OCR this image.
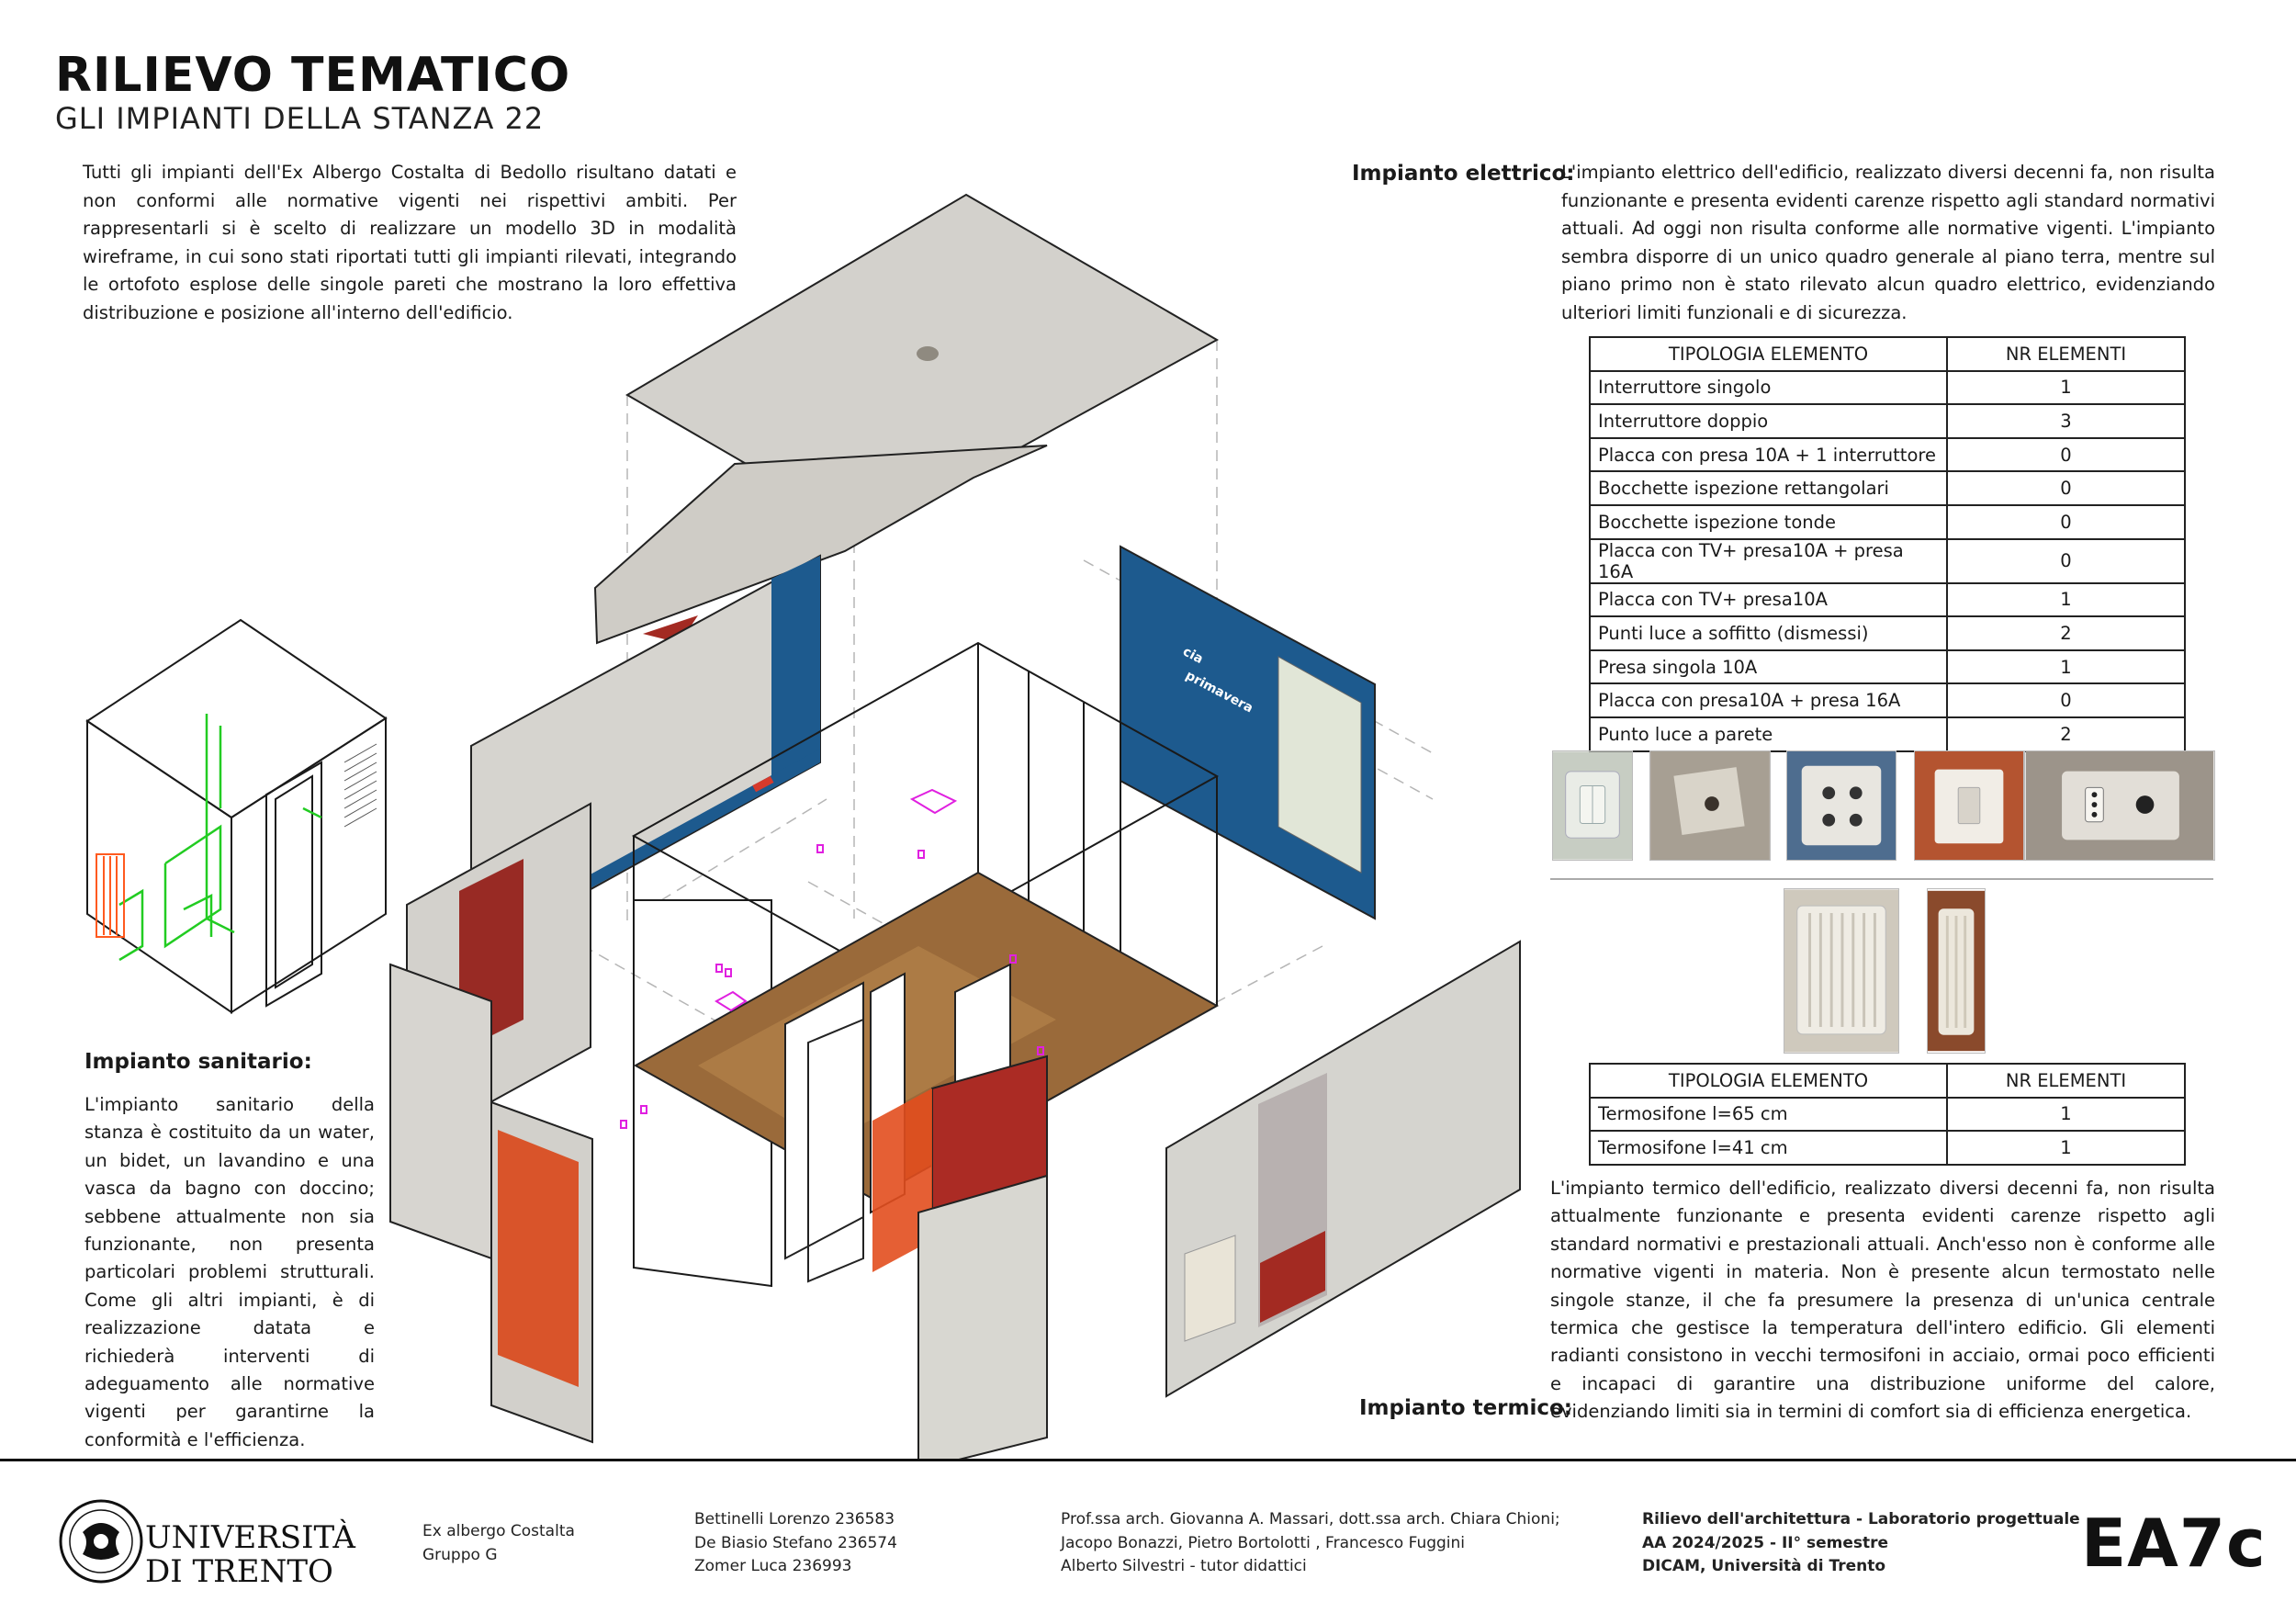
RILIEVO TEMATICO
GLI IMPIANTI DELLA STANZA 22

Tutti gli impianti dell'Ex Albergo Costalta di Bedollo risultano datati e non conformi alle normative vigenti nei rispettivi ambiti. Per rappresentarli si è scelto di realizzare un modello 3D in modalità wireframe, in cui sono stati riportati tutti gli impianti rilevati, integrando le ortofoto esplose delle singole pareti che mostrano la loro effettiva distribuzione e posizione all'interno dell'edificio.

Impianto elettrico:

L'impianto elettrico dell'edificio, realizzato diversi decenni fa, non risulta funzionante e presenta evidenti carenze rispetto agli standard normativi attuali. Ad oggi non risulta conforme alle normative vigenti. L'impianto sembra disporre di un unico quadro generale al piano terra, mentre sul piano primo non è stato rilevato alcun quadro elettrico, evidenziando ulteriori limiti funzionali e di sicurezza.

TIPOLOGIA ELEMENTO	NR ELEMENTI
Interruttore singolo	1
Interruttore doppio	3
Placca con presa 10A + 1 interruttore	0
Bocchette ispezione rettangolari	0
Bocchette ispezione tonde	0
Placca con TV+ presa10A + presa 16A	0
Placca con TV+ presa10A	1
Punti luce a soffitto (dismessi)	2
Presa singola 10A	1
Placca con presa10A + presa 16A	0
Punto luce a parete	2
TIPOLOGIA ELEMENTO	NR ELEMENTI
Termosifone l=65 cm	1
Termosifone l=41 cm	1

L'impianto termico dell'edificio, realizzato diversi decenni fa, non risulta attualmente funzionante e presenta evidenti carenze rispetto agli standard normativi e prestazionali attuali. Anch'esso non è conforme alle normative vigenti in materia. Non è presente alcun termostato nelle singole stanze, il che fa presumere la presenza di un'unica centrale termica che gestisce la temperatura dell'intero edificio. Gli elementi radianti consistono in vecchi termosifoni in acciaio, ormai poco efficienti e incapaci di garantire una distribuzione uniforme del calore, evidenziando limiti sia in termini di comfort sia di efficienza energetica.

Impianto termico:
Impianto sanitario:

L'impianto sanitario della stanza è costituito da un water, un bidet, un lavandino e una vasca da bagno con doccino; sebbene attualmente non sia funzionante, non presenta particolari problemi strutturali. Come gli altri impianti, è di realizzazione datata e richiederà interventi di adeguamento alle normative vigenti per garantirne la conformità e l'efficienza.

cia
primavera
UNIVERSITÀ
DI TRENTO
Ex albergo Costalta
Gruppo G
Bettinelli Lorenzo 236583
De Biasio Stefano 236574
Zomer Luca 236993
Prof.ssa arch. Giovanna A. Massari, dott.ssa arch. Chiara Chioni;
Jacopo Bonazzi, Pietro Bortolotti , Francesco Fuggini
Alberto Silvestri - tutor didattici
Rilievo dell'architettura - Laboratorio progettuale
AA 2024/2025 - II° semestre
DICAM, Università di Trento	EA7c
